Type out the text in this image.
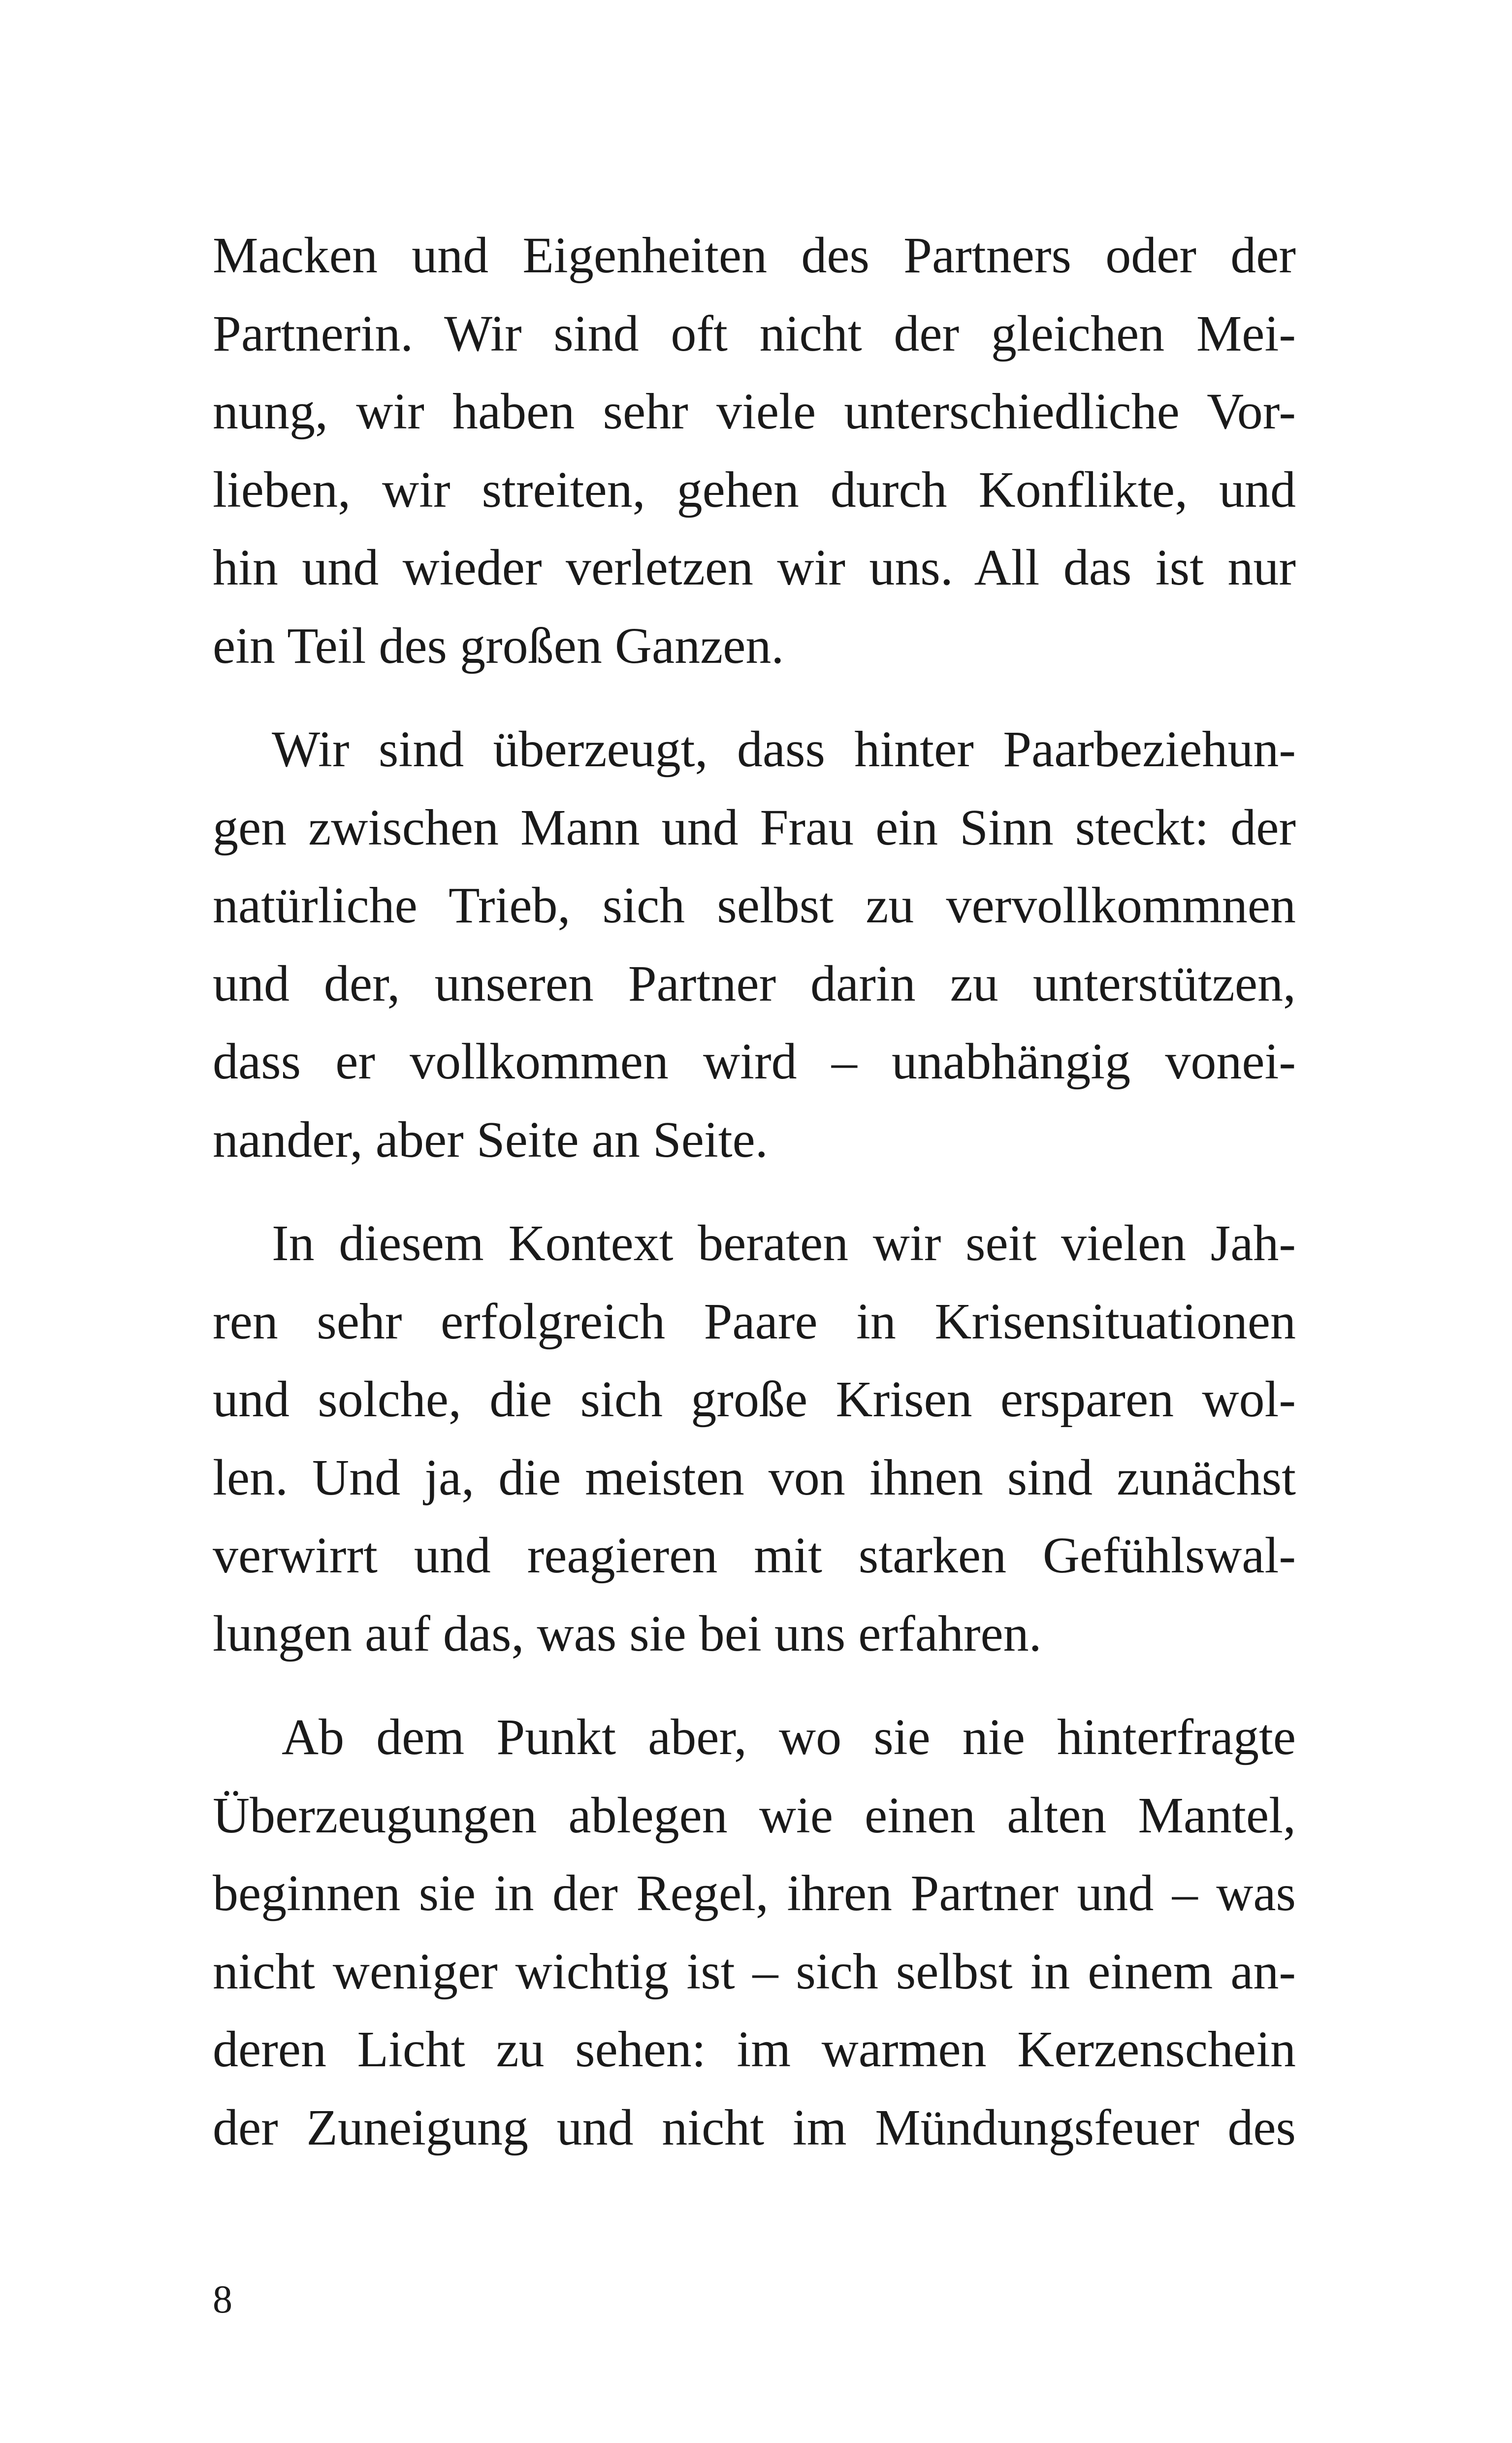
Macken und Eigenheiten des Partners oder der
Partnerin. Wir sind oft nicht der gleichen Mei-
nung, wir haben sehr viele unterschiedliche Vor-
lieben, wir streiten, gehen durch Konflikte, und
hin und wieder verletzen wir uns. All das ist nur
ein Teil des großen Ganzen.
Wir sind überzeugt, dass hinter Paarbeziehun-
gen zwischen Mann und Frau ein Sinn steckt: der
natürliche Trieb, sich selbst zu vervollkommnen
und der, unseren Partner darin zu unterstützen,
dass er vollkommen wird – unabhängig vonei-
nander, aber Seite an Seite.
In diesem Kontext beraten wir seit vielen Jah-
ren sehr erfolgreich Paare in Krisensituationen
und solche, die sich große Krisen ersparen wol-
len. Und ja, die meisten von ihnen sind zunächst
verwirrt und reagieren mit starken Gefühlswal-
lungen auf das, was sie bei uns erfahren.
Ab dem Punkt aber, wo sie nie hinterfragte
Überzeugungen ablegen wie einen alten Mantel,
beginnen sie in der Regel, ihren Partner und – was
nicht weniger wichtig ist – sich selbst in einem an-
deren Licht zu sehen: im warmen Kerzenschein
der Zuneigung und nicht im Mündungsfeuer des
8
